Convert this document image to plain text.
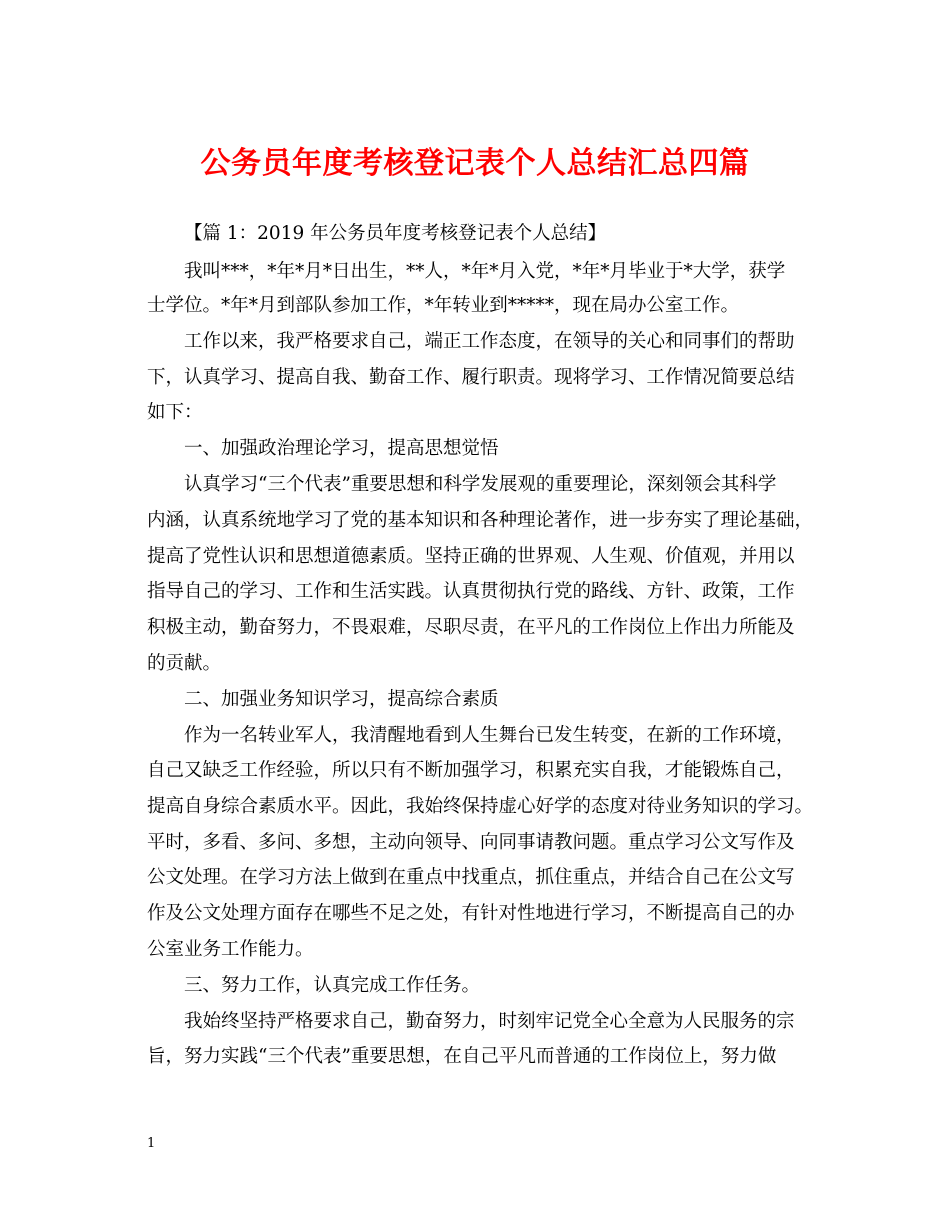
公务员年度考核登记表个人总结汇总四篇
【篇 1：2019 年公务员年度考核登记表个人总结】
我叫***，*年*月*日出生，**人，*年*月入党，*年*月毕业于*大学，获学
士学位。*年*月到部队参加工作，*年转业到*****，现在局办公室工作。
工作以来，我严格要求自己，端正工作态度，在领导的关心和同事们的帮助
下，认真学习、提高自我、勤奋工作、履行职责。现将学习、工作情况简要总结
如下：
一、加强政治理论学习，提高思想觉悟
认真学习“三个代表”重要思想和科学发展观的重要理论，深刻领会其科学
内涵，认真系统地学习了党的基本知识和各种理论著作，进一步夯实了理论基础，
提高了党性认识和思想道德素质。坚持正确的世界观、人生观、价值观，并用以
指导自己的学习、工作和生活实践。认真贯彻执行党的路线、方针、政策，工作
积极主动，勤奋努力，不畏艰难，尽职尽责，在平凡的工作岗位上作出力所能及
的贡献。
二、加强业务知识学习，提高综合素质
作为一名转业军人，我清醒地看到人生舞台已发生转变，在新的工作环境，
自己又缺乏工作经验，所以只有不断加强学习，积累充实自我，才能锻炼自己，
提高自身综合素质水平。因此，我始终保持虚心好学的态度对待业务知识的学习。
平时，多看、多问、多想，主动向领导、向同事请教问题。重点学习公文写作及
公文处理。在学习方法上做到在重点中找重点，抓住重点，并结合自己在公文写
作及公文处理方面存在哪些不足之处，有针对性地进行学习，不断提高自己的办
公室业务工作能力。
三、努力工作，认真完成工作任务。
我始终坚持严格要求自己，勤奋努力，时刻牢记党全心全意为人民服务的宗
旨，努力实践“三个代表”重要思想，在自己平凡而普通的工作岗位上，努力做
1
